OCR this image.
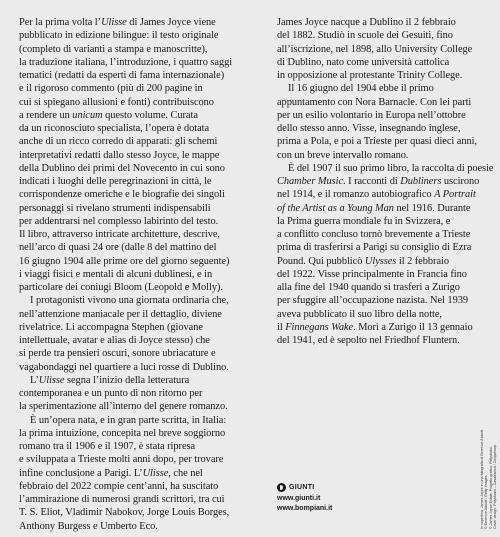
Per la prima volta l’Ulisse di James Joyce viene
pubblicato in edizione bilingue: il testo originale
(completo di varianti a stampa e manoscritte),
la traduzione italiana, l’introduzione, i quattro saggi
tematici (redatti da esperti di fama internazionale)
e il rigoroso commento (più di 200 pagine in
cui si spiegano allusioni e fonti) contribuiscono
a rendere un unicum questo volume. Curata
da un riconosciuto specialista, l’opera è dotata
anche di un ricco corredo di apparati: gli schemi
interpretativi redatti dallo stesso Joyce, le mappe
della Dublino dei primi del Novecento in cui sono
indicati i luoghi delle peregrinazioni in città, le
corrispondenze omeriche e le biografie dei singoli
personaggi si rivelano strumenti indispensabili
per addentrarsi nel complesso labirinto del testo.
Il libro, attraverso intricate architetture, descrive,
nell’arco di quasi 24 ore (dalle 8 del mattino del
16 giugno 1904 alle prime ore del giorno seguente)
i viaggi fisici e mentali di alcuni dublinesi, e in
particolare dei coniugi Bloom (Leopold e Molly).
I protagonisti vivono una giornata ordinaria che,
nell’attenzione maniacale per il dettaglio, diviene
rivelatrice. Li accompagna Stephen (giovane
intellettuale, avatar e alias di Joyce stesso) che
si perde tra pensieri oscuri, sonore ubriacature e
vagabondaggi nel quartiere a luci rosse di Dublino.
L’Ulisse segna l’inizio della letteratura
contemporanea e un punto di non ritorno per
la sperimentazione all’interno del genere romanzo.
È un’opera nata, e in gran parte scritta, in Italia:
la prima intuizione, concepita nel breve soggiorno
romano tra il 1906 e il 1907, è stata ripresa
e sviluppata a Trieste molti anni dopo, per trovare
infine conclusione a Parigi. L’Ulisse, che nel
febbraio del 2022 compie cent’anni, ha suscitato
l’ammirazione di numerosi grandi scrittori, tra cui
T. S. Eliot, Vladimir Nabokov, Jorge Louis Borges,
Anthony Burgess e Umberto Eco.
James Joyce nacque a Dublino il 2 febbraio
del 1882. Studiò in scuole dei Gesuiti, fino
all’iscrizione, nel 1898, allo University College
di Dublino, nato come università cattolica
in opposizione al protestante Trinity College.
Il 16 giugno del 1904 ebbe il primo
appuntamento con Nora Barnacle. Con lei partì
per un esilio volontario in Europa nell’ottobre
dello stesso anno. Visse, insegnando inglese,
prima a Pola, e poi a Trieste per quasi dieci anni,
con un breve intervallo romano.
È del 1907 il suo primo libro, la raccolta di poesie
Chamber Music. I racconti di Dubliners uscirono
nel 1914, e il romanzo autobiografico A Portrait
of the Artist as a Young Man nel 1916. Durante
la Prima guerra mondiale fu in Svizzera, e
a conflitto concluso tornò brevemente a Trieste
prima di trasferirsi a Parigi su consiglio di Ezra
Pound. Qui pubblicò Ulysses il 2 febbraio
del 1922. Visse principalmente in Francia fino
alla fine del 1940 quando si trasferì a Zurigo
per sfuggire all’occupazione nazista. Nel 1939
aveva pubblicato il suo libro della notte,
il Finnegans Wake. Morì a Zurigo il 13 gennaio
del 1941, ed è sepolto nel Friedhof Fluntern.
GIUNTI
www.giunti.it
www.bompiani.it	In copertina: James Joyce in una fotografia di Berenice Abbott. © Berenice Abbott / Getty Images. © James Joyce Estate. Progetto grafico: Polystudio. Cover design: Polystudio – Casablanca / Zungahoop.
